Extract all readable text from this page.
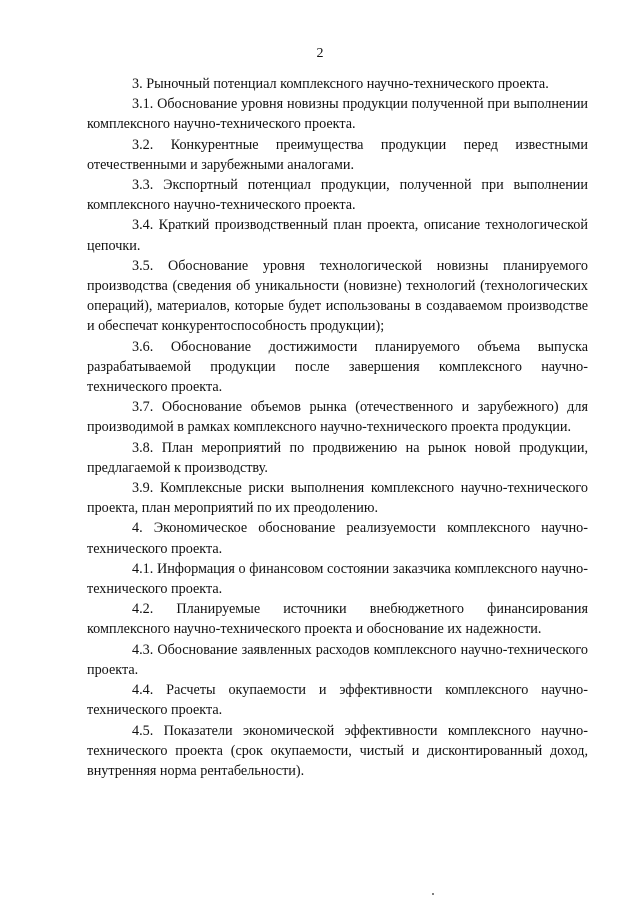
2

3. Рыночный потенциал комплексного научно-технического проекта.

3.1. Обоснование уровня новизны продукции полученной при выполнении комплексного научно-технического проекта.

3.2. Конкурентные преимущества продукции перед известными отечественными и зарубежными аналогами.

3.3. Экспортный потенциал продукции, полученной при выполнении комплексного научно-технического проекта.

3.4. Краткий производственный план проекта, описание технологической цепочки.

3.5. Обоснование уровня технологической новизны планируемого производства (сведения об уникальности (новизне) технологий (технологических операций), материалов, которые будет использованы в создаваемом производстве и обеспечат конкурентоспособность продукции);

3.6. Обоснование достижимости планируемого объема выпуска разрабатываемой продукции после завершения комплексного научно-технического проекта.

3.7. Обоснование объемов рынка (отечественного и зарубежного) для производимой в рамках комплексного научно-технического проекта продукции.

3.8. План мероприятий по продвижению на рынок новой продукции, предлагаемой к производству.

3.9. Комплексные риски выполнения комплексного научно-технического проекта, план мероприятий по их преодолению.

4. Экономическое обоснование реализуемости комплексного научно-технического проекта.

4.1. Информация о финансовом состоянии заказчика комплексного научно-технического проекта.

4.2. Планируемые источники внебюджетного финансирования комплексного научно-технического проекта и обоснование их надежности.

4.3. Обоснование заявленных расходов комплексного научно-технического проекта.

4.4. Расчеты окупаемости и эффективности комплексного научно-технического проекта.

4.5. Показатели экономической эффективности комплексного научно-технического проекта (срок окупаемости, чистый и дисконтированный доход, внутренняя норма рентабельности).
